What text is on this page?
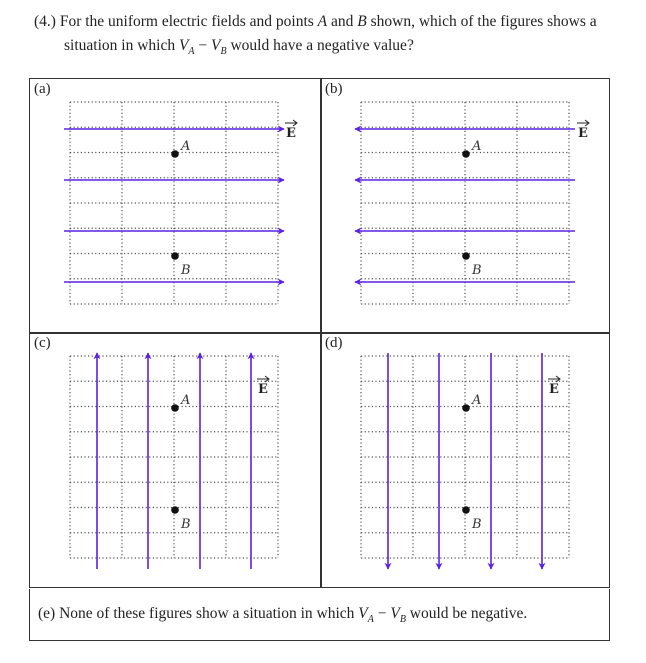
(4.) For the uniform electric fields and points A and B shown, which of the figures shows a
situation in which $V_A - V_B$ would have a negative value?
E
A
B
(a)
E
A
B
(b)
E
A
B
(c)
E
A
B
(d)
(e) None of these figures show a situation in which $V_A - V_B$ would be negative.
